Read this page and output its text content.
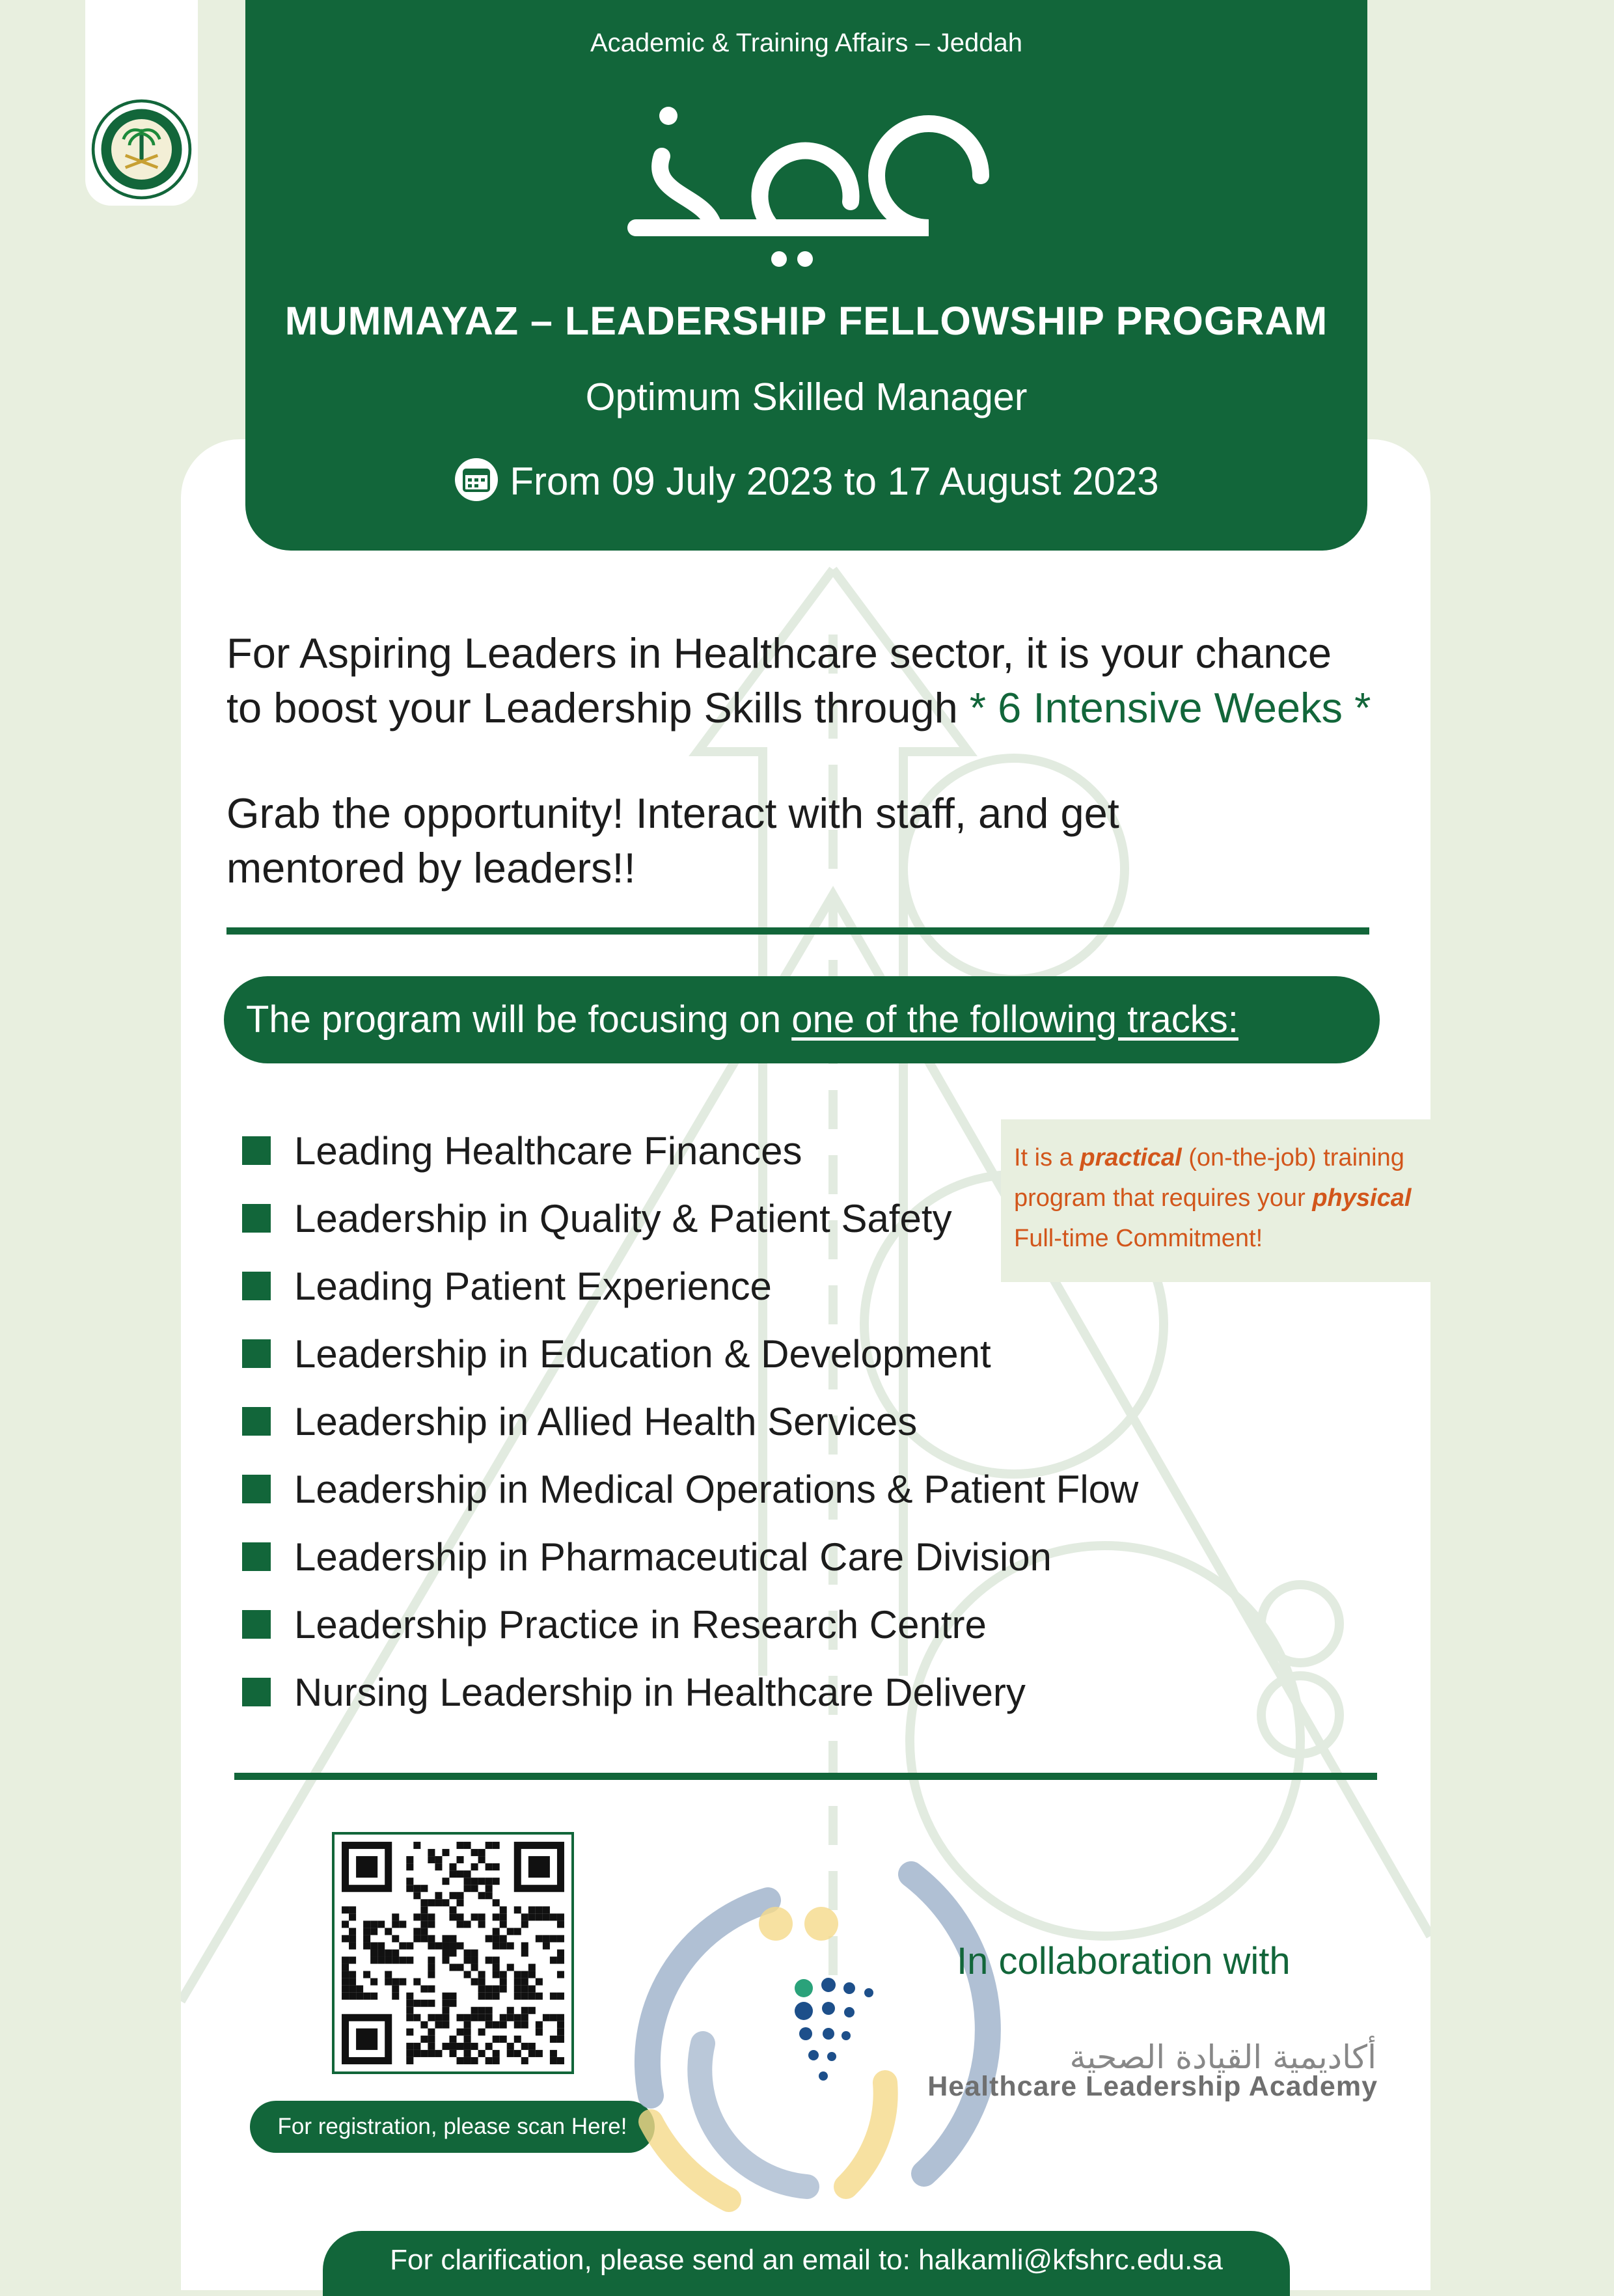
Academic & Training Affairs – Jeddah
MUMMAYAZ – LEADERSHIP FELLOWSHIP PROGRAM
Optimum Skilled Manager
From 09 July 2023 to 17 August 2023
For Aspiring Leaders in Healthcare sector, it is your chance
to boost your Leadership Skills through * 6 Intensive Weeks *
Grab the opportunity! Interact with staff, and get
mentored by leaders!!
The program will be focusing on one of the following tracks:
Leading Healthcare Finances
Leadership in Quality & Patient Safety
Leading Patient Experience
Leadership in Education & Development
Leadership in Allied Health Services
Leadership in Medical Operations & Patient Flow
Leadership in Pharmaceutical Care Division
Leadership Practice in Research Centre
Nursing Leadership in Healthcare Delivery
It is a practical (on-the-job) training
program that requires your physical
Full-time Commitment!
For registration, please scan Here!
In collaboration with
أكاديمية القيادة الصحية
Healthcare Leadership Academy
For clarification, please send an email to: halkamli@kfshrc.edu.sa
